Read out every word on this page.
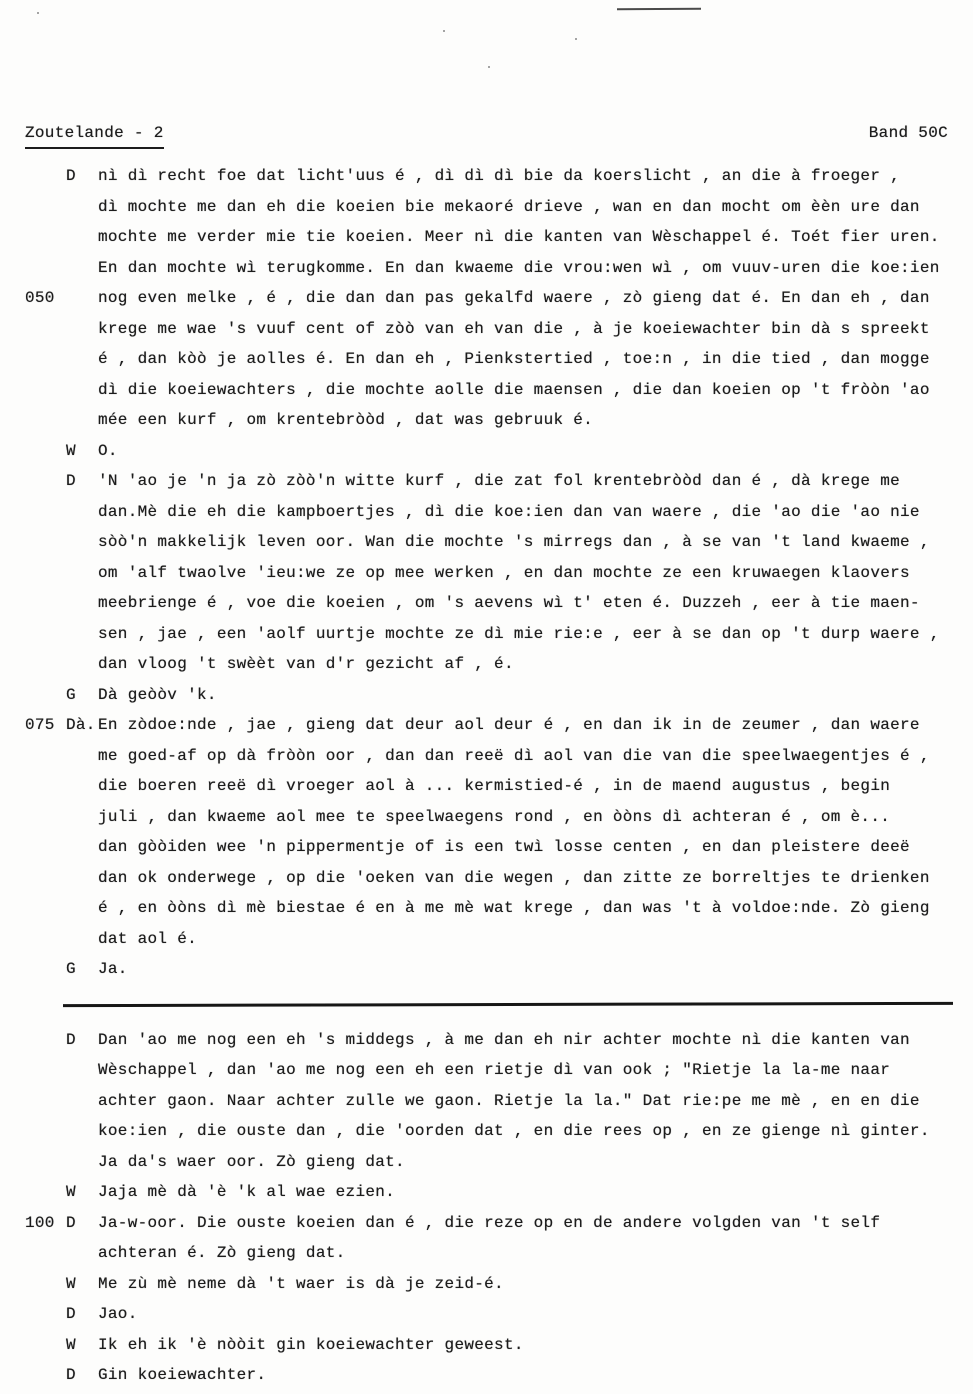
Zoutelande - 2	Band 50C
D	nì dì recht foe dat licht'uus é , dì dì dì bie da koerslicht , an die à froeger ,
dì mochte me dan eh die koeien bie mekaoré drieve , wan en dan mocht om èèn ure dan
mochte me verder mie tie koeien. Meer nì die kanten van Wèschappel é. Toét fier uren.
En dan mochte wì terugkomme. En dan kwaeme die vrou:wen wì , om vuuv-uren die koe:ien
050	nog even melke , é , die dan dan pas gekalfd waere , zò gieng dat é. En dan eh , dan
krege me wae 's vuuf cent of zòò van eh van die , à je koeiewachter bin dà s spreekt
é , dan kòò je aolles é. En dan eh , Pienkstertied , toe:n , in die tied , dan mogge
dì die koeiewachters , die mochte aolle die maensen , die dan koeien op 't fròòn 'ao
mée een kurf , om krentebròòd , dat was gebruuk é.
W	O.
D	'N 'ao je 'n ja zò zòò'n witte kurf , die zat fol krentebròòd dan é , dà krege me
dan.Mè die eh die kampboertjes , dì die koe:ien dan van waere , die 'ao die 'ao nie
sòò'n makkelijk leven oor. Wan die mochte 's mirregs dan , à se van 't land kwaeme ,
om 'alf twaolve 'ieu:we ze op mee werken , en dan mochte ze een kruwaegen klaovers
meebrienge é , voe die koeien , om 's aevens wì t' eten é. Duzzeh , eer à tie maen-
sen , jae , een 'aolf uurtje mochte ze dì mie rie:e , eer à se dan op 't durp waere ,
dan vloog 't swèèt van d'r gezicht af , é.
G	Dà geòòv 'k.
075 Dà. En zòdoe:nde , jae , gieng dat deur aol deur é , en dan ik in de zeumer , dan waere
me goed-af op dà fròòn oor , dan dan reeë dì aol van die van die speelwaegentjes é ,
die boeren reeë dì vroeger aol à ... kermistied-é , in de maend augustus , begin
juli , dan kwaeme aol mee te speelwaegens rond , en òòns dì achteran é , om è...
dan gòòiden wee 'n pippermentje of is een twì losse centen , en dan pleistere deeë
dan ok onderwege , op die 'oeken van die wegen , dan zitte ze borreltjes te drienken
é , en òòns dì mè biestae é en à me mè wat krege , dan was 't à voldoe:nde. Zò gieng
dat aol é.
G	Ja.
D	Dan 'ao me nog een eh 's middegs , à me dan eh nir achter mochte nì die kanten van
Wèschappel , dan 'ao me nog een eh een rietje dì van ook ; "Rietje la la-me naar
achter gaon. Naar achter zulle we gaon. Rietje la la." Dat rie:pe me mè , en en die
koe:ien , die ouste dan , die 'oorden dat , en die rees op , en ze gienge nì ginter.
Ja da's waer oor. Zò gieng dat.
W	Jaja mè dà 'è 'k al wae ezien.
100 D	Ja-w-oor. Die ouste koeien dan é , die reze op en de andere volgden van 't self
achteran é. Zò gieng dat.
W	Me zù mè neme dà 't waer is dà je zeid-é.
D	Jao.
W	Ik eh ik 'è nòòit gin koeiewachter geweest.
D	Gin koeiewachter.
